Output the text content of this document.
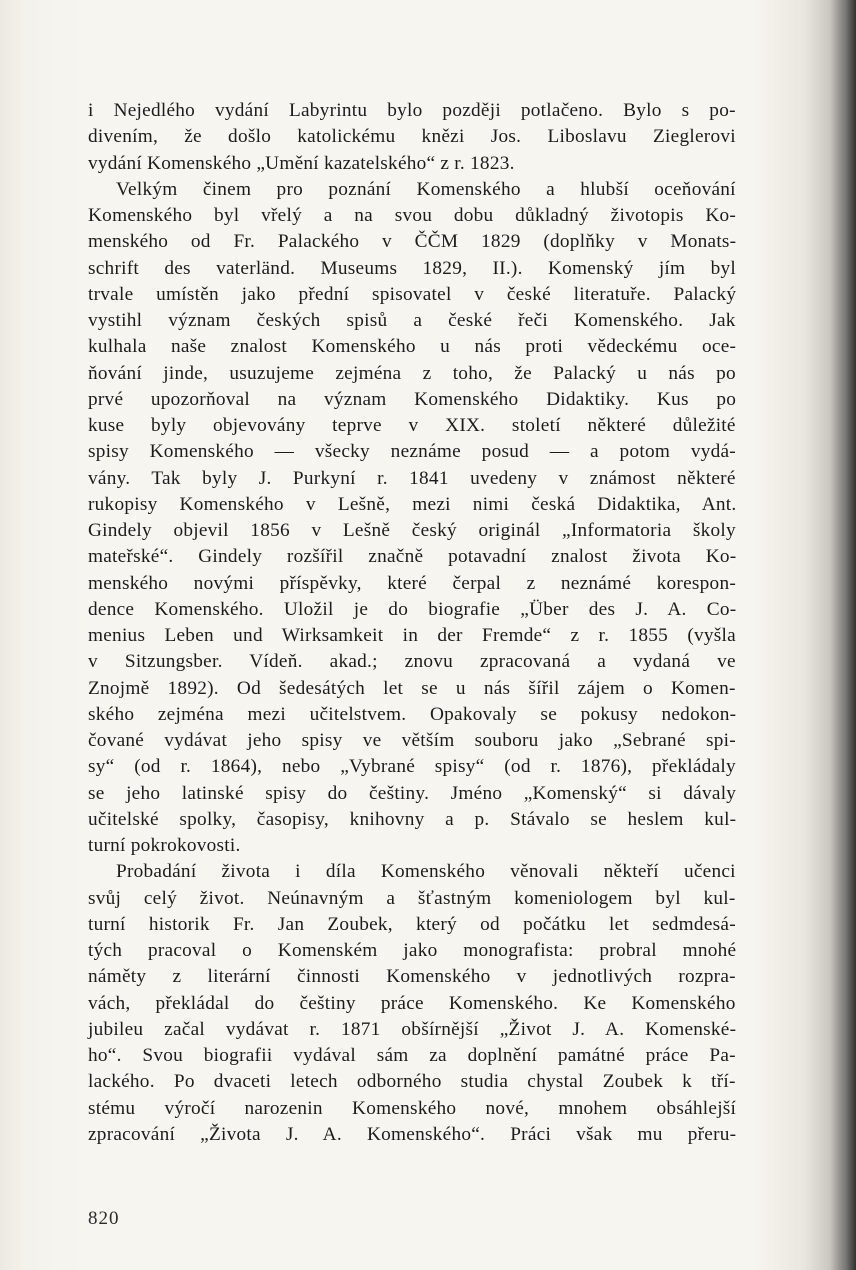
i Nejedlého vydání Labyrintu bylo později potlačeno. Bylo s po-
divením, že došlo katolickému knězi Jos. Liboslavu Zieglerovi
vydání Komenského „Umění kazatelského“ z r. 1823.

Velkým činem pro poznání Komenského a hlubší oceňování
Komenského byl vřelý a na svou dobu důkladný životopis Ko-
menského od Fr. Palackého v ČČM 1829 (doplňky v Monats-
schrift des vaterländ. Museums 1829, II.). Komenský jím byl
trvale umístěn jako přední spisovatel v české literatuře. Palacký
vystihl význam českých spisů a české řeči Komenského. Jak
kulhala naše znalost Komenského u nás proti vědeckému oce-
ňování jinde, usuzujeme zejména z toho, že Palacký u nás po
prvé upozorňoval na význam Komenského Didaktiky. Kus po
kuse byly objevovány teprve v XIX. století některé důležité
spisy Komenského — všecky neznáme posud — a potom vydá-
vány. Tak byly J. Purkyní r. 1841 uvedeny v známost některé
rukopisy Komenského v Lešně, mezi nimi česká Didaktika, Ant.
Gindely objevil 1856 v Lešně český originál „Informatoria školy
mateřské“. Gindely rozšířil značně potavadní znalost života Ko-
menského novými příspěvky, které čerpal z neznámé korespon-
dence Komenského. Uložil je do biografie „Über des J. A. Co-
menius Leben und Wirksamkeit in der Fremde“ z r. 1855 (vyšla
v Sitzungsber. Vídeň. akad.; znovu zpracovaná a vydaná ve
Znojmě 1892). Od šedesátých let se u nás šířil zájem o Komen-
ského zejména mezi učitelstvem. Opakovaly se pokusy nedokon-
čované vydávat jeho spisy ve větším souboru jako „Sebrané spi-
sy“ (od r. 1864), nebo „Vybrané spisy“ (od r. 1876), překládaly
se jeho latinské spisy do češtiny. Jméno „Komenský“ si dávaly
učitelské spolky, časopisy, knihovny a p. Stávalo se heslem kul-
turní pokrokovosti.

Probadání života i díla Komenského věnovali někteří učenci
svůj celý život. Neúnavným a šťastným komeniologem byl kul-
turní historik Fr. Jan Zoubek, který od počátku let sedmdesá-
tých pracoval o Komenském jako monografista: probral mnohé
náměty z literární činnosti Komenského v jednotlivých rozpra-
vách, překládal do češtiny práce Komenského. Ke Komenského
jubileu začal vydávat r. 1871 obšírnější „Život J. A. Komenské-
ho“. Svou biografii vydával sám za doplnění památné práce Pa-
lackého. Po dvaceti letech odborného studia chystal Zoubek k tří-
stému výročí narozenin Komenského nové, mnohem obsáhlejší
zpracování „Života J. A. Komenského“. Práci však mu přeru-

820
